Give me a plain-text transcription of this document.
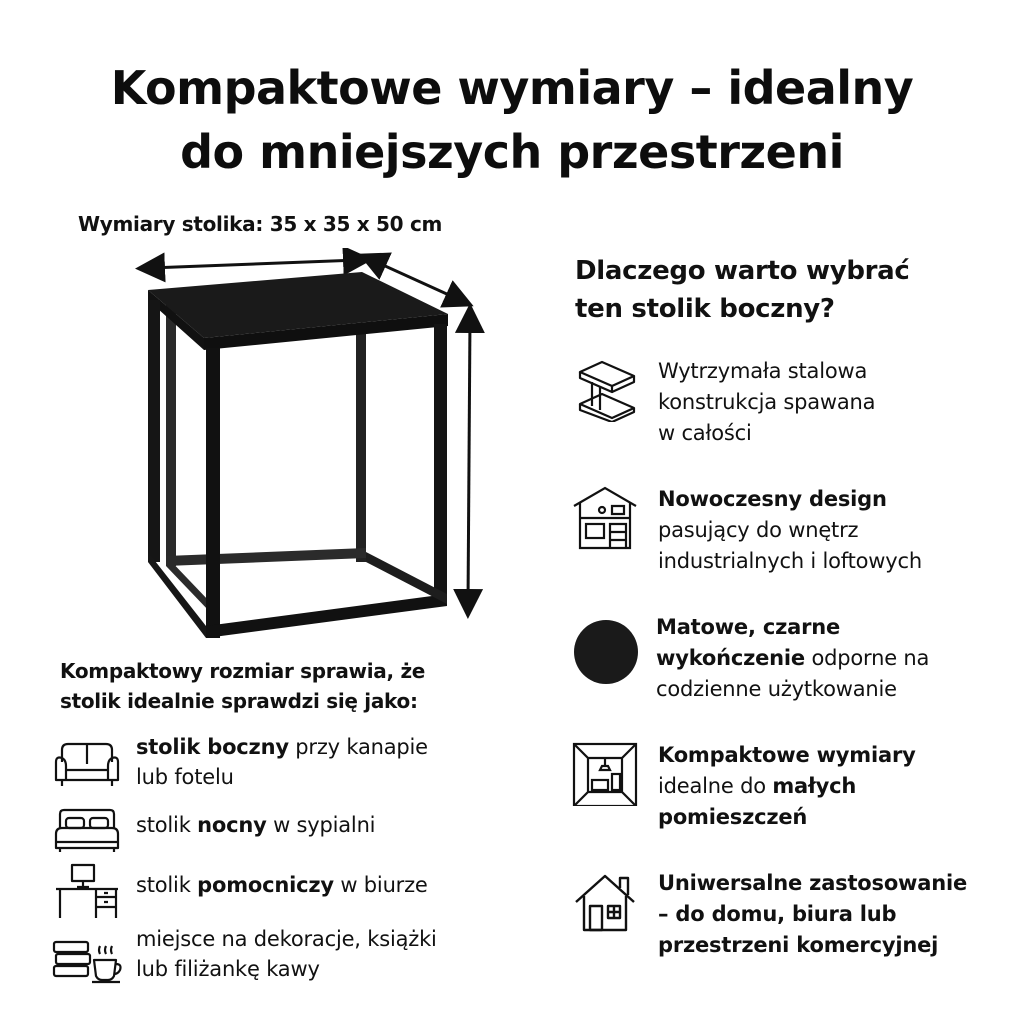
Kompaktowe wymiary – idealny
do mniejszych przestrzeni
Wymiary stolika: 35 x 35 x 50 cm
Dlaczego warto wybrać
ten stolik boczny?
Wytrzymała stalowa
konstrukcja spawana
w całości
Nowoczesny design
pasujący do wnętrz
industrialnych i loftowych
Matowe, czarne
wykończenie odporne na
codzienne użytkowanie
Kompaktowe wymiary
idealne do małych
pomieszczeń
Uniwersalne zastosowanie
– do domu, biura lub
przestrzeni komercyjnej
Kompaktowy rozmiar sprawia, że
stolik idealnie sprawdzi się jako:
stolik boczny przy kanapie
lub fotelu
stolik nocny w sypialni
stolik pomocniczy w biurze
miejsce na dekoracje, książki
lub filiżankę kawy
